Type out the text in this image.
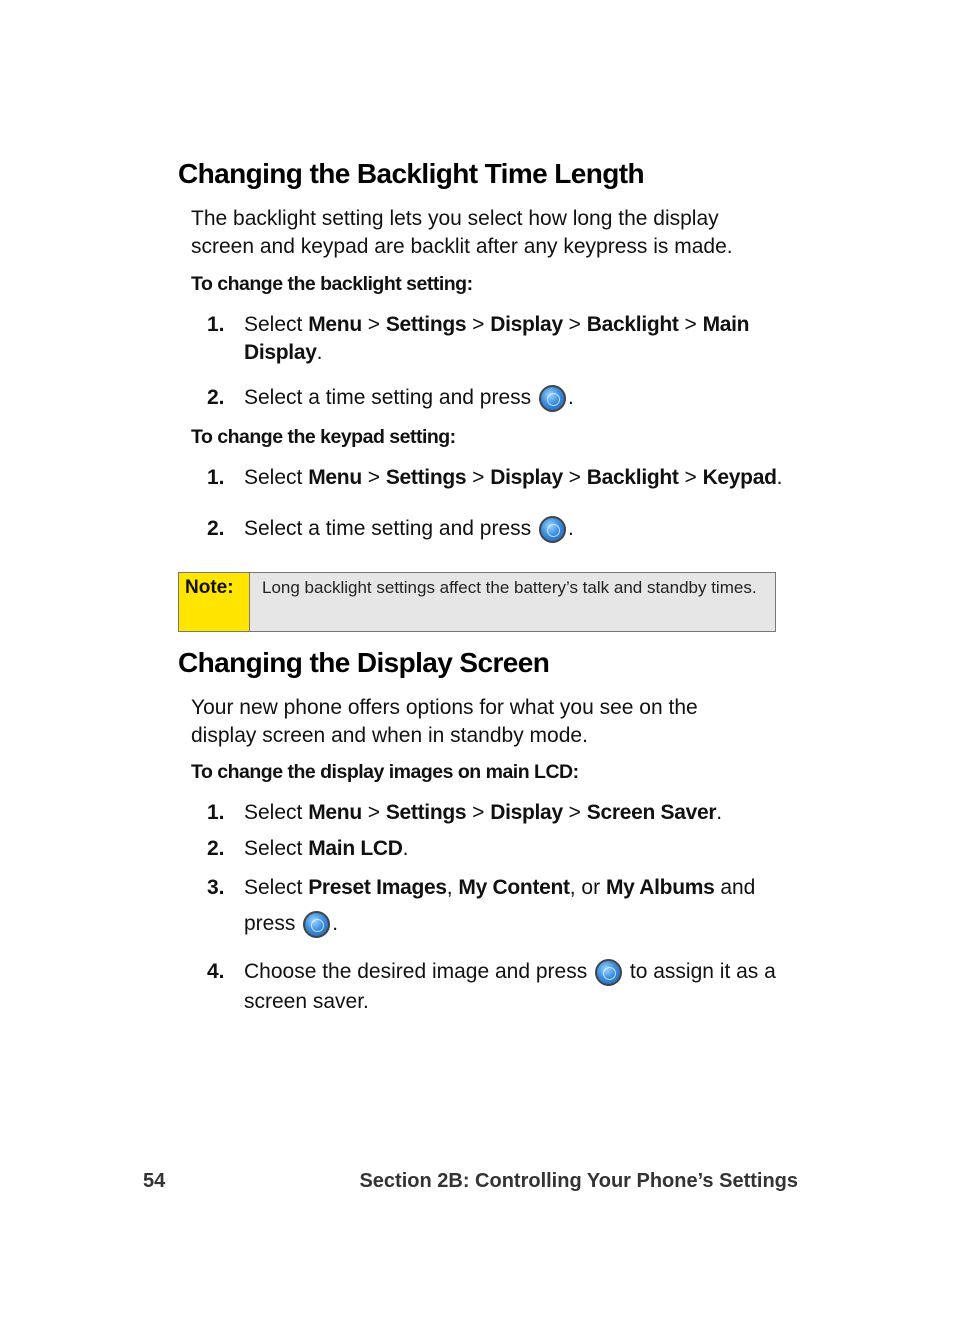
Changing the Backlight Time Length
The backlight setting lets you select how long the display screen and keypad are backlit after any keypress is made.
To change the backlight setting:
1. Select Menu > Settings > Display > Backlight > Main Display.
2. Select a time setting and press .
To change the keypad setting:
1. Select Menu > Settings > Display > Backlight > Keypad.
2. Select a time setting and press .
Note:	Long backlight settings affect the battery’s talk and standby times.
Changing the Display Screen
Your new phone offers options for what you see on the display screen and when in standby mode.
To change the display images on main LCD:
1. Select Menu > Settings > Display > Screen Saver.
2. Select Main LCD.
3. Select Preset Images, My Content, or My Albums and
press .
4. Choose the desired image and press to assign it as a
screen saver.
54	Section 2B: Controlling Your Phone’s Settings
